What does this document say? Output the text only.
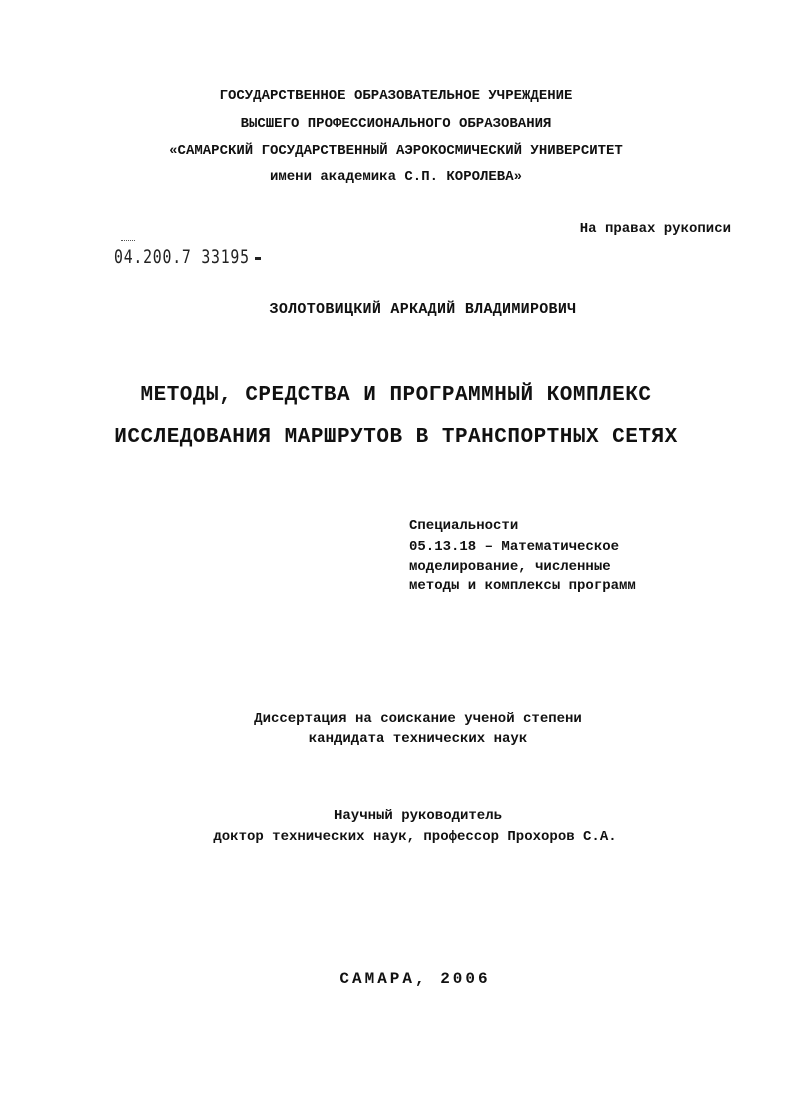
ГОСУДАРСТВЕННОЕ ОБРАЗОВАТЕЛЬНОЕ УЧРЕЖДЕНИЕ
ВЫСШЕГО ПРОФЕССИОНАЛЬНОГО ОБРАЗОВАНИЯ
«САМАРСКИЙ ГОСУДАРСТВЕННЫЙ АЭРОКОСМИЧЕСКИЙ УНИВЕРСИТЕТ
имени академика С.П. КОРОЛЕВА»
На правах рукописи
04.200.7 33195
ЗОЛОТОВИЦКИЙ АРКАДИЙ ВЛАДИМИРОВИЧ
МЕТОДЫ, СРЕДСТВА И ПРОГРАММНЫЙ КОМПЛЕКС
ИССЛЕДОВАНИЯ МАРШРУТОВ В ТРАНСПОРТНЫХ СЕТЯХ
Специальности
05.13.18 – Математическое
моделирование, численные
методы и комплексы программ
Диссертация на соискание ученой степени
кандидата технических наук
Научный руководитель
доктор технических наук, профессор Прохоров С.А.
САМАРА, 2006
